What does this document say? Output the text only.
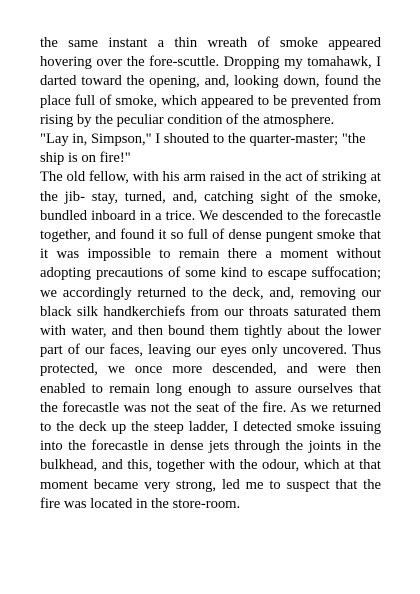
the same instant a thin wreath of smoke appeared hovering over the fore-scuttle. Dropping my tomahawk, I darted toward the opening, and, looking down, found the place full of smoke, which appeared to be prevented from rising by the peculiar condition of the atmosphere.

"Lay in, Simpson," I shouted to the quarter-master; "the ship is on fire!"

The old fellow, with his arm raised in the act of striking at the jib- stay, turned, and, catching sight of the smoke, bundled inboard in a trice. We descended to the forecastle together, and found it so full of dense pungent smoke that it was impossible to remain there a moment without adopting precautions of some kind to escape suffocation; we accordingly returned to the deck, and, removing our black silk handkerchiefs from our throats saturated them with water, and then bound them tightly about the lower part of our faces, leaving our eyes only uncovered. Thus protected, we once more descended, and were then enabled to remain long enough to assure ourselves that the forecastle was not the seat of the fire. As we returned to the deck up the steep ladder, I detected smoke issuing into the forecastle in dense jets through the joints in the bulkhead, and this, together with the odour, which at that moment became very strong, led me to suspect that the fire was located in the store-room.
